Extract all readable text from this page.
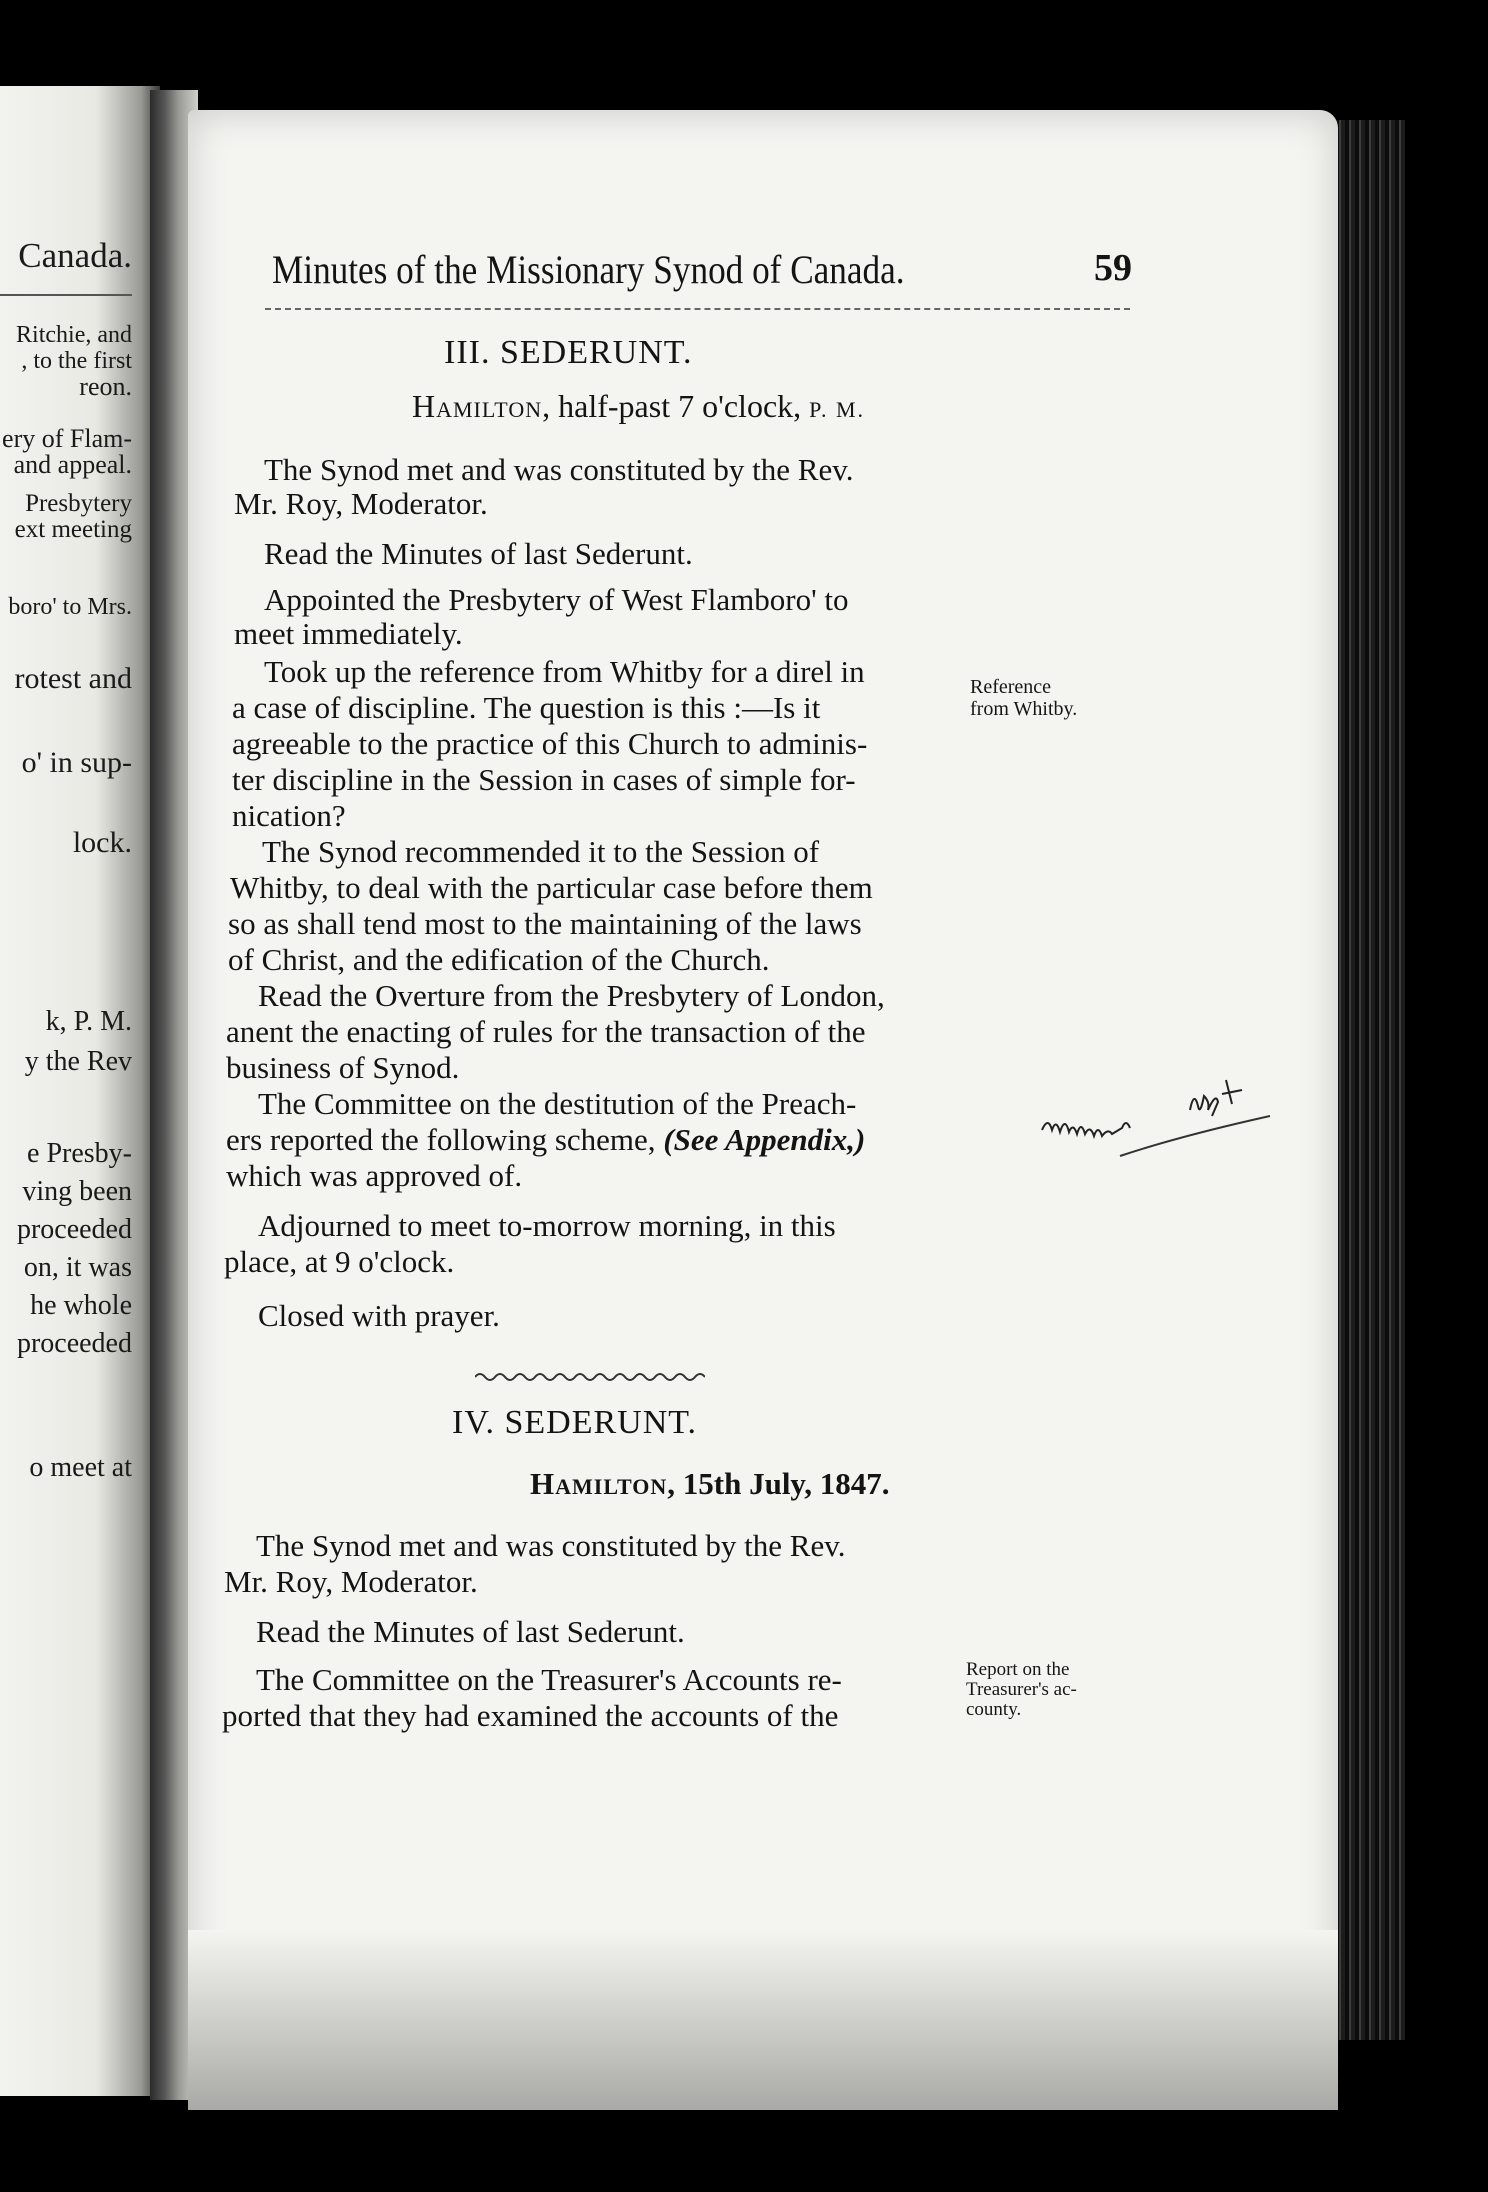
Canada.
Ritchie, and
, to the first
reon.
ery of Flam-
and appeal.
Presbytery
ext meeting
boro' to Mrs.
rotest and
o' in sup-
lock.
k, P. M.
y the Rev
e Presby-
ving been
proceeded
on, it was
he whole
proceeded
o meet at
Minutes of the Missionary Synod of Canada.	59
III. SEDERUNT.
Hamilton, half-past 7 o'clock, P. M.
The Synod met and was constituted by the Rev.
Mr. Roy, Moderator.
Read the Minutes of last Sederunt.
Appointed the Presbytery of West Flamboro' to
meet immediately.
Took up the reference from Whitby for a direl in
a case of discipline. The question is this :—Is it
agreeable to the practice of this Church to adminis-
ter discipline in the Session in cases of simple for-
nication?
The Synod recommended it to the Session of
Whitby, to deal with the particular case before them
so as shall tend most to the maintaining of the laws
of Christ, and the edification of the Church.
Read the Overture from the Presbytery of London,
anent the enacting of rules for the transaction of the
business of Synod.
The Committee on the destitution of the Preach-
ers reported the following scheme, (See Appendix,)
which was approved of.
Adjourned to meet to-morrow morning, in this
place, at 9 o'clock.
Closed with prayer.
IV. SEDERUNT.
Hamilton, 15th July, 1847.
The Synod met and was constituted by the Rev.
Mr. Roy, Moderator.
Read the Minutes of last Sederunt.
The Committee on the Treasurer's Accounts re-
ported that they had examined the accounts of the
Reference
from Whitby.
Report on the
Treasurer's ac-
county.
